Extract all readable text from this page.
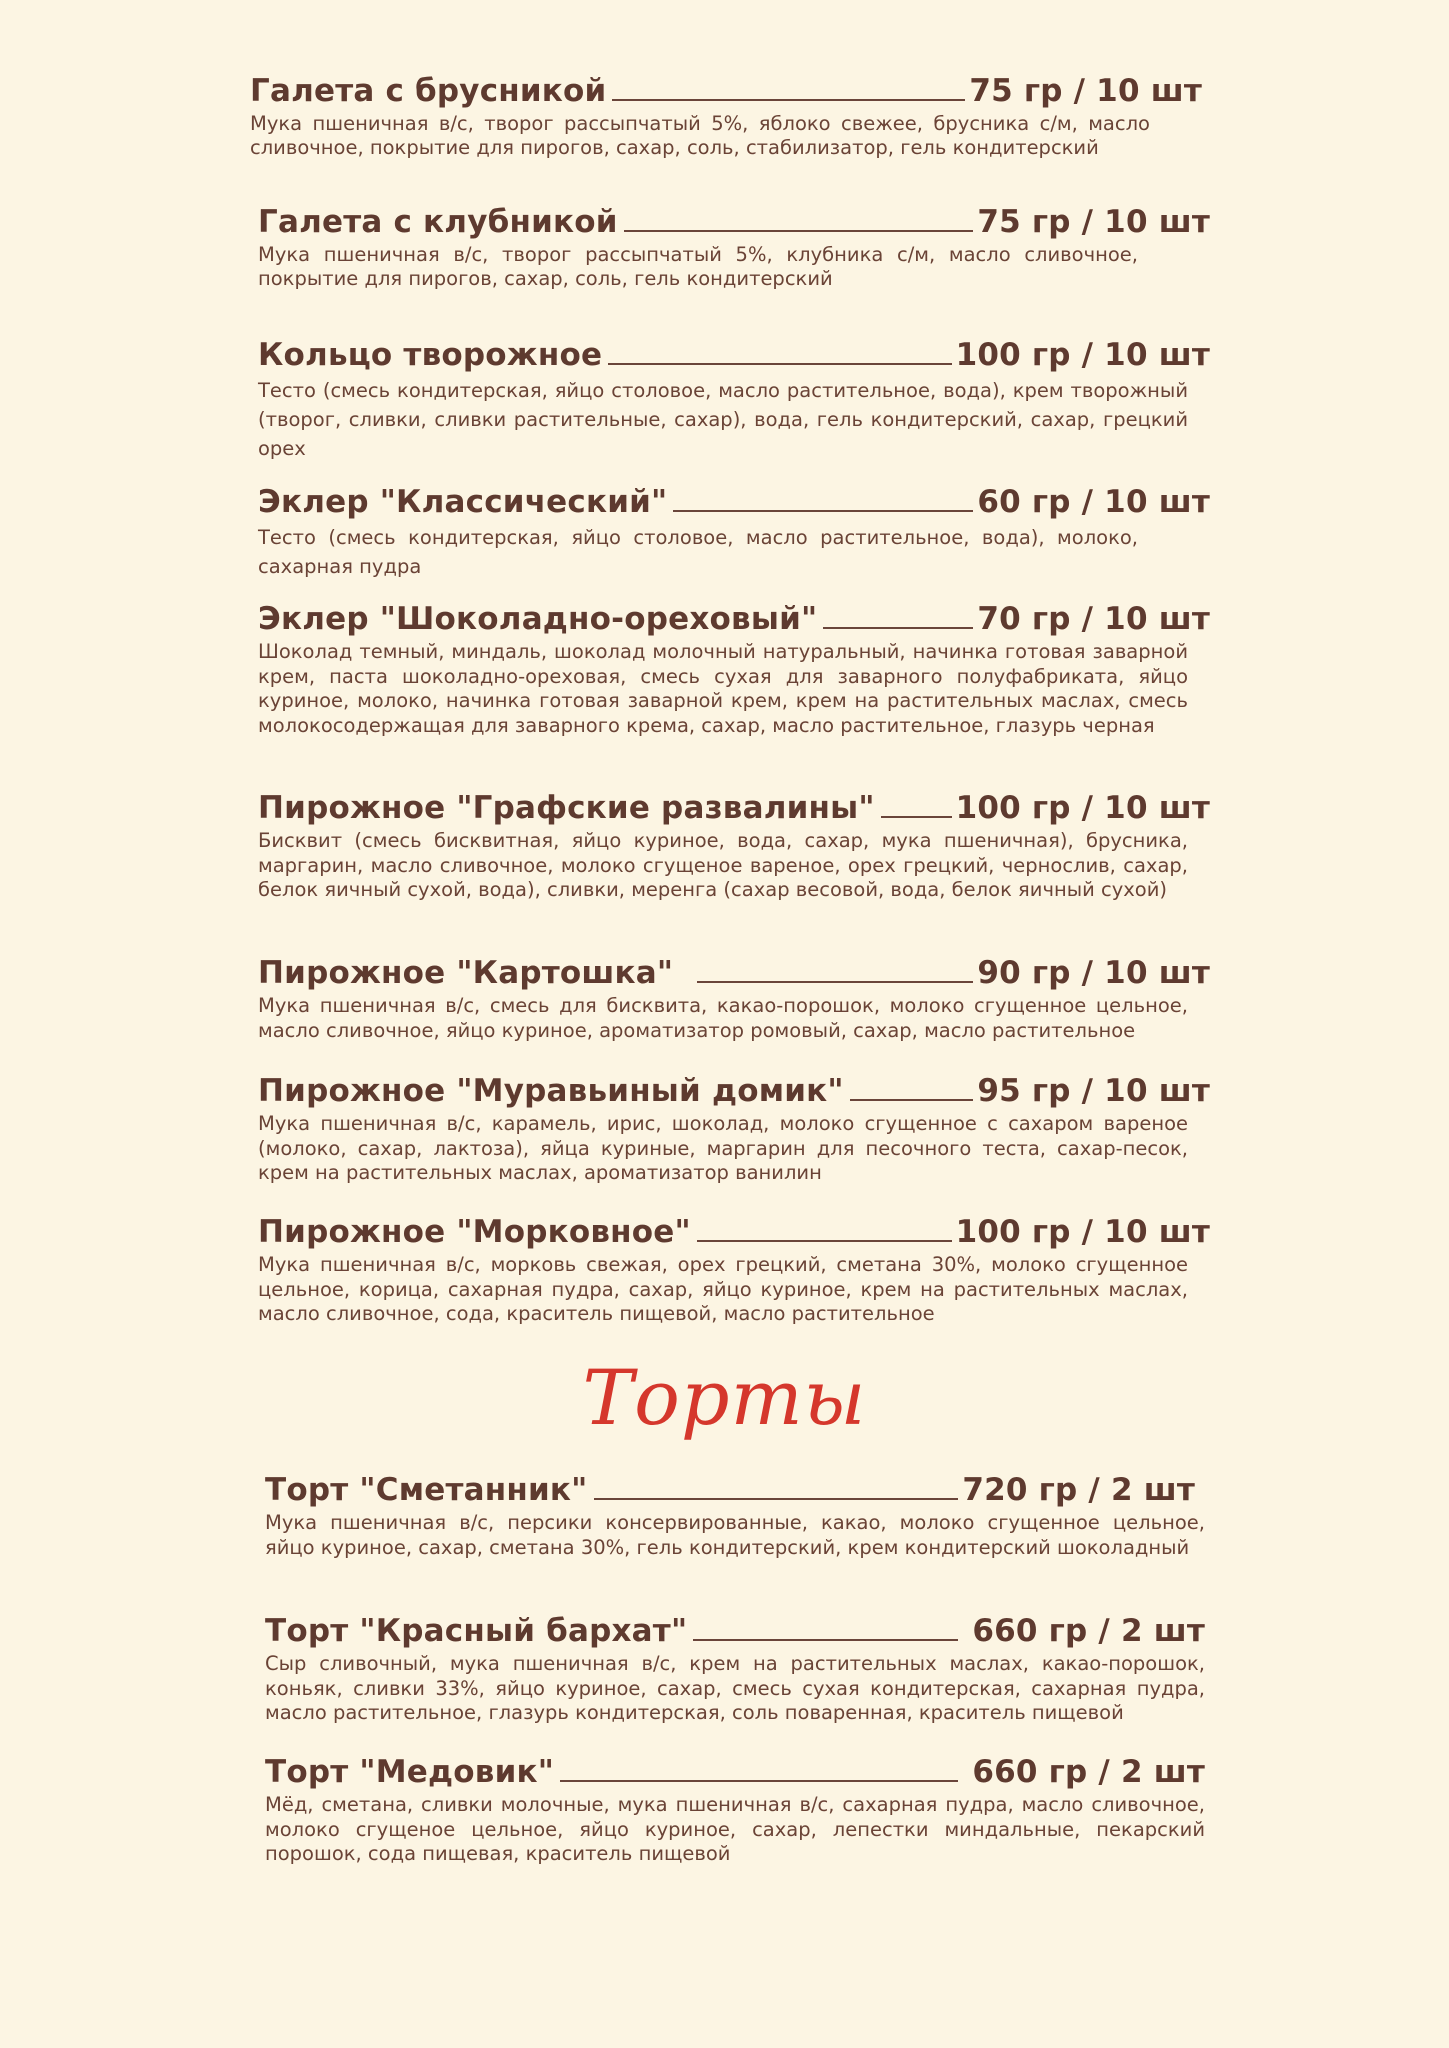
Галета с брусникой	75 гр / 10 шт
Мука пшеничная в/с, творог рассыпчатый 5%, яблоко свежее, брусника с/м, масло сливочное, покрытие для пирогов, сахар, соль, стабилизатор, гель кондитерский
Галета с клубникой	75 гр / 10 шт
Мука пшеничная в/с, творог рассыпчатый 5%, клубника с/м, масло сливочное, покрытие для пирогов, сахар, соль, гель кондитерский
Кольцо творожное	100 гр / 10 шт
Тесто (смесь кондитерская, яйцо столовое, масло растительное, вода), крем творожный (творог, сливки, сливки растительные, сахар), вода, гель кондитерский, сахар, грецкий орех
Эклер "Классический"	60 гр / 10 шт
Тесто (смесь кондитерская, яйцо столовое, масло растительное, вода), молоко, сахарная пудра
Эклер "Шоколадно-ореховый"	70 гр / 10 шт
Шоколад темный, миндаль, шоколад молочный натуральный, начинка готовая заварной крем, паста шоколадно-ореховая, смесь сухая для заварного полуфабриката, яйцо куриное, молоко, начинка готовая заварной крем, крем на растительных маслах, смесь молокосодержащая для заварного крема, сахар, масло растительное, глазурь черная
Пирожное "Графские развалины"	100 гр / 10 шт
Бисквит (смесь бисквитная, яйцо куриное, вода, сахар, мука пшеничная), брусника, маргарин, масло сливочное, молоко сгущеное вареное, орех грецкий, чернослив, сахар, белок яичный сухой, вода), сливки, меренга (сахар весовой, вода, белок яичный сухой)
Пирожное "Картошка"	90 гр / 10 шт
Мука пшеничная в/с, смесь для бисквита, какао-порошок, молоко сгущенное цельное, масло сливочное, яйцо куриное, ароматизатор ромовый, сахар, масло растительное
Пирожное "Муравьиный домик"	95 гр / 10 шт
Мука пшеничная в/с, карамель, ирис, шоколад, молоко сгущенное с сахаром вареное (молоко, сахар, лактоза), яйца куриные, маргарин для песочного теста, сахар-песок, крем на растительных маслах, ароматизатор ванилин
Пирожное "Морковное"	100 гр / 10 шт
Мука пшеничная в/с, морковь свежая, орех грецкий, сметана 30%, молоко сгущенное цельное, корица, сахарная пудра, сахар, яйцо куриное, крем на растительных маслах, масло сливочное, сода, краситель пищевой, масло растительное
Торты
Торт "Сметанник"	720 гр / 2 шт
Мука пшеничная в/с, персики консервированные, какао, молоко сгущенное цельное, яйцо куриное, сахар, сметана 30%, гель кондитерский, крем кондитерский шоколадный
Торт "Красный бархат"	660 гр / 2 шт
Сыр сливочный, мука пшеничная в/с, крем на растительных маслах, какао-порошок, коньяк, сливки 33%, яйцо куриное, сахар, смесь сухая кондитерская, сахарная пудра, масло растительное, глазурь кондитерская, соль поваренная, краситель пищевой
Торт "Медовик"	660 гр / 2 шт
Мёд, сметана, сливки молочные, мука пшеничная в/с, сахарная пудра, масло сливочное, молоко сгущеное цельное, яйцо куриное, сахар, лепестки миндальные, пекарский порошок, сода пищевая, краситель пищевой
